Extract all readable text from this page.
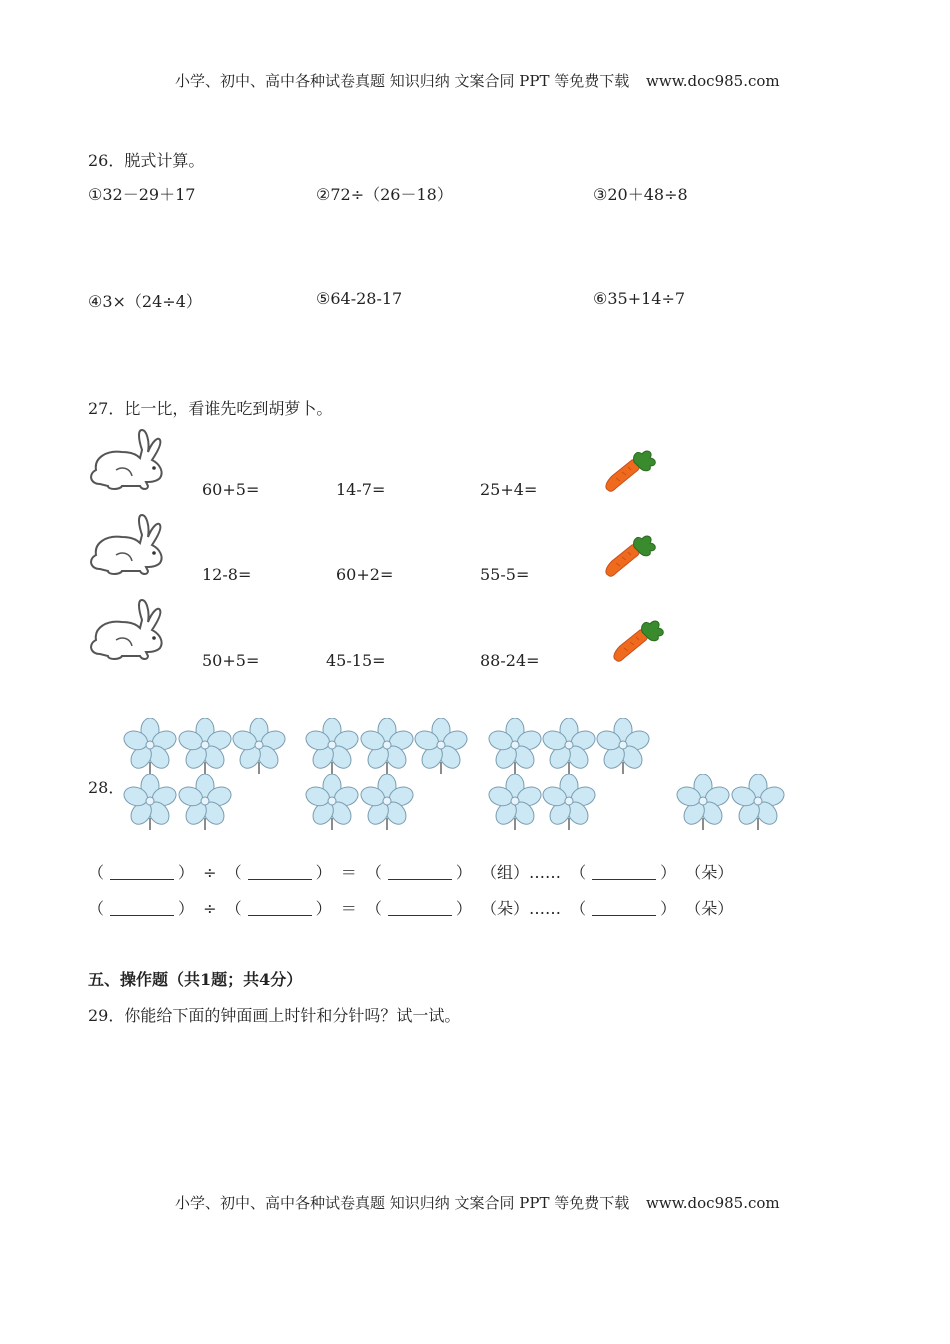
小学、初中、高中各种试卷真题 知识归纳 文案合同 PPT 等免费下载 www.doc985.com
26．脱式计算。
①32－29＋17	②72÷（26－18）	③20＋48÷8
④3×（24÷4）	⑤64-28-17	⑥35+14÷7
27．比一比，看谁先吃到胡萝卜。
60+5=	14-7=	25+4=
12-8=	60+2=	55-5=
50+5=	45-15=	88-24=
28．
（	） ÷ （	） ＝ （	） （组）…… （	） （朵）
（	） ÷ （	） ＝ （	） （朵）…… （	） （朵）
五、操作题（共1题；共4分）
29．你能给下面的钟面画上时针和分针吗？试一试。
小学、初中、高中各种试卷真题 知识归纳 文案合同 PPT 等免费下载 www.doc985.com
